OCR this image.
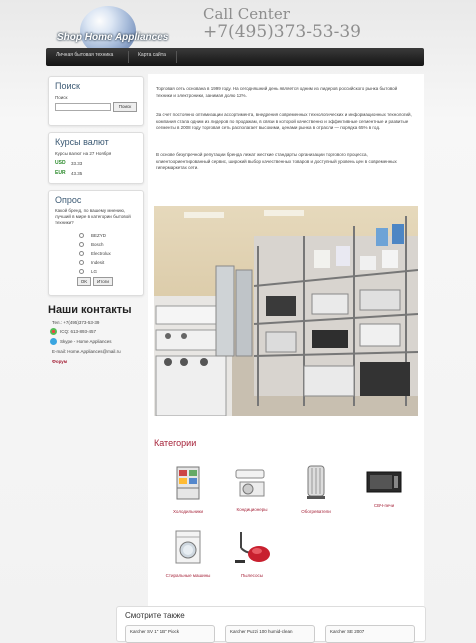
Shop Home Appliances
Call Center
+7(495)373-53-39
Личная бытовая техника	Карта сайта
Поиск
Поиск
Поиск
Курсы валют
Курсы валют на 27 Ноября
USD 33.33
EUR 43.35
Опрос
Какой бренд, по вашему мнению, лучший в мире в категории бытовой техники?
BEZYD
Bosch
Electrolux
Indesit
LG
OK	Итоги
Наши контакты
Тел.: +7(495)373-53-39
ICQ: 613-893-457
Skype - Home Appliances
E-mail: Home.Appliances@mail.ru
Форум
Торговая сеть основана в 1999 году. На сегодняшний день является одним из лидеров российского рынка бытовой техники и электроники, занимая долю 12%.
За счет постоянно оптимизации ассортимента, внедрения современных технологических и информационных технологий, компания стала одним из лидеров по продажам, в связи в которой качественно и эффективные сегментные и развитые сегменты в 2008 году торговая сеть располагает высокими, ценами рынка в отрасли — порядка 65% в год.
В основе безупречной репутации бренда лежат жесткие стандарты организации торгового процесса, клиентоориентированный сервис, широкий выбор качественных товаров и доступный уровень цен в современных гипермаркетах сети.
Категории
Холодильники	Кондиционеры	Обогреватели
СВЧ-печи
Стиральные машины	Пылесосы
Смотрите также
Karcher SV 1" 1B" Piock	Karcher Puzzi 100 humid-clean	Karcher SE 2007
